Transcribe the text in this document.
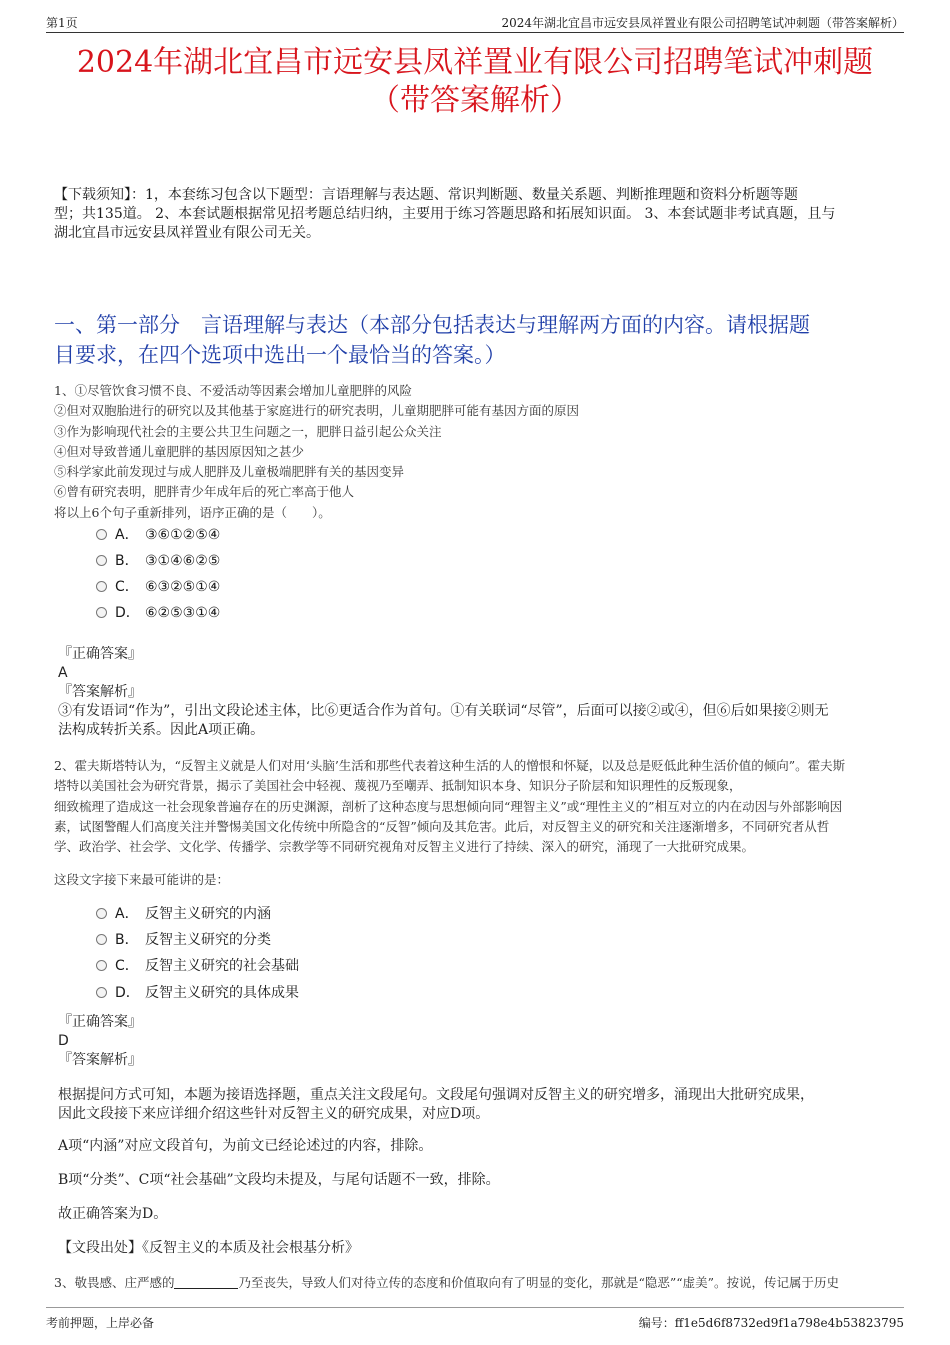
第1页	2024年湖北宜昌市远安县凤祥置业有限公司招聘笔试冲刺题（带答案解析）
2024年湖北宜昌市远安县凤祥置业有限公司招聘笔试冲刺题
（带答案解析）
【下载须知】：1，本套练习包含以下题型：言语理解与表达题、常识判断题、数量关系题、判断推理题和资料分析题等题
型；共135道。 2、本套试题根据常见招考题总结归纳，主要用于练习答题思路和拓展知识面。 3、本套试题非考试真题，且与
湖北宜昌市远安县凤祥置业有限公司无关。
一、第一部分　言语理解与表达（本部分包括表达与理解两方面的内容。请根据题
目要求，在四个选项中选出一个最恰当的答案。）
1、①尽管饮食习惯不良、不爱活动等因素会增加儿童肥胖的风险
②但对双胞胎进行的研究以及其他基于家庭进行的研究表明，儿童期肥胖可能有基因方面的原因
③作为影响现代社会的主要公共卫生问题之一，肥胖日益引起公众关注
④但对导致普通儿童肥胖的基因原因知之甚少
⑤科学家此前发现过与成人肥胖及儿童极端肥胖有关的基因变异
⑥曾有研究表明，肥胖青少年成年后的死亡率高于他人
将以上6个句子重新排列，语序正确的是（　　）。
A． ③⑥①②⑤④
B． ③①④⑥②⑤
C． ⑥③②⑤①④
D． ⑥②⑤③①④
『正确答案』
A
『答案解析』
③有发语词“作为”，引出文段论述主体，比⑥更适合作为首句。①有关联词“尽管”，后面可以接②或④，但⑥后如果接②则无
法构成转折关系。因此A项正确。
2、霍夫斯塔特认为，“反智主义就是人们对用‘头脑’生活和那些代表着这种生活的人的憎恨和怀疑，以及总是贬低此种生活价值的倾向”。霍夫斯
塔特以美国社会为研究背景，揭示了美国社会中轻视、蔑视乃至嘲弄、抵制知识本身、知识分子阶层和知识理性的反叛现象，
细致梳理了造成这一社会现象普遍存在的历史渊源，剖析了这种态度与思想倾向同“理智主义”或“理性主义的”相互对立的内在动因与外部影响因
素，试图警醒人们高度关注并警惕美国文化传统中所隐含的“反智”倾向及其危害。此后，对反智主义的研究和关注逐渐增多，不同研究者从哲
学、政治学、社会学、文化学、传播学、宗教学等不同研究视角对反智主义进行了持续、深入的研究，涌现了一大批研究成果。
这段文字接下来最可能讲的是：
A． 反智主义研究的内涵
B． 反智主义研究的分类
C． 反智主义研究的社会基础
D． 反智主义研究的具体成果
『正确答案』
D
『答案解析』
根据提问方式可知，本题为接语选择题，重点关注文段尾句。文段尾句强调对反智主义的研究增多，涌现出大批研究成果，
因此文段接下来应详细介绍这些针对反智主义的研究成果，对应D项。
A项“内涵”对应文段首句，为前文已经论述过的内容，排除。
B项“分类”、C项“社会基础”文段均未提及，与尾句话题不一致，排除。
故正确答案为D。
【文段出处】《反智主义的本质及社会根基分析》
3、敬畏感、庄严感的	乃至丧失，导致人们对待立传的态度和价值取向有了明显的变化，那就是“隐恶”“虚美”。按说，传记属于历史
考前押题，上岸必备	编号：ff1e5d6f8732ed9f1a798e4b53823795
